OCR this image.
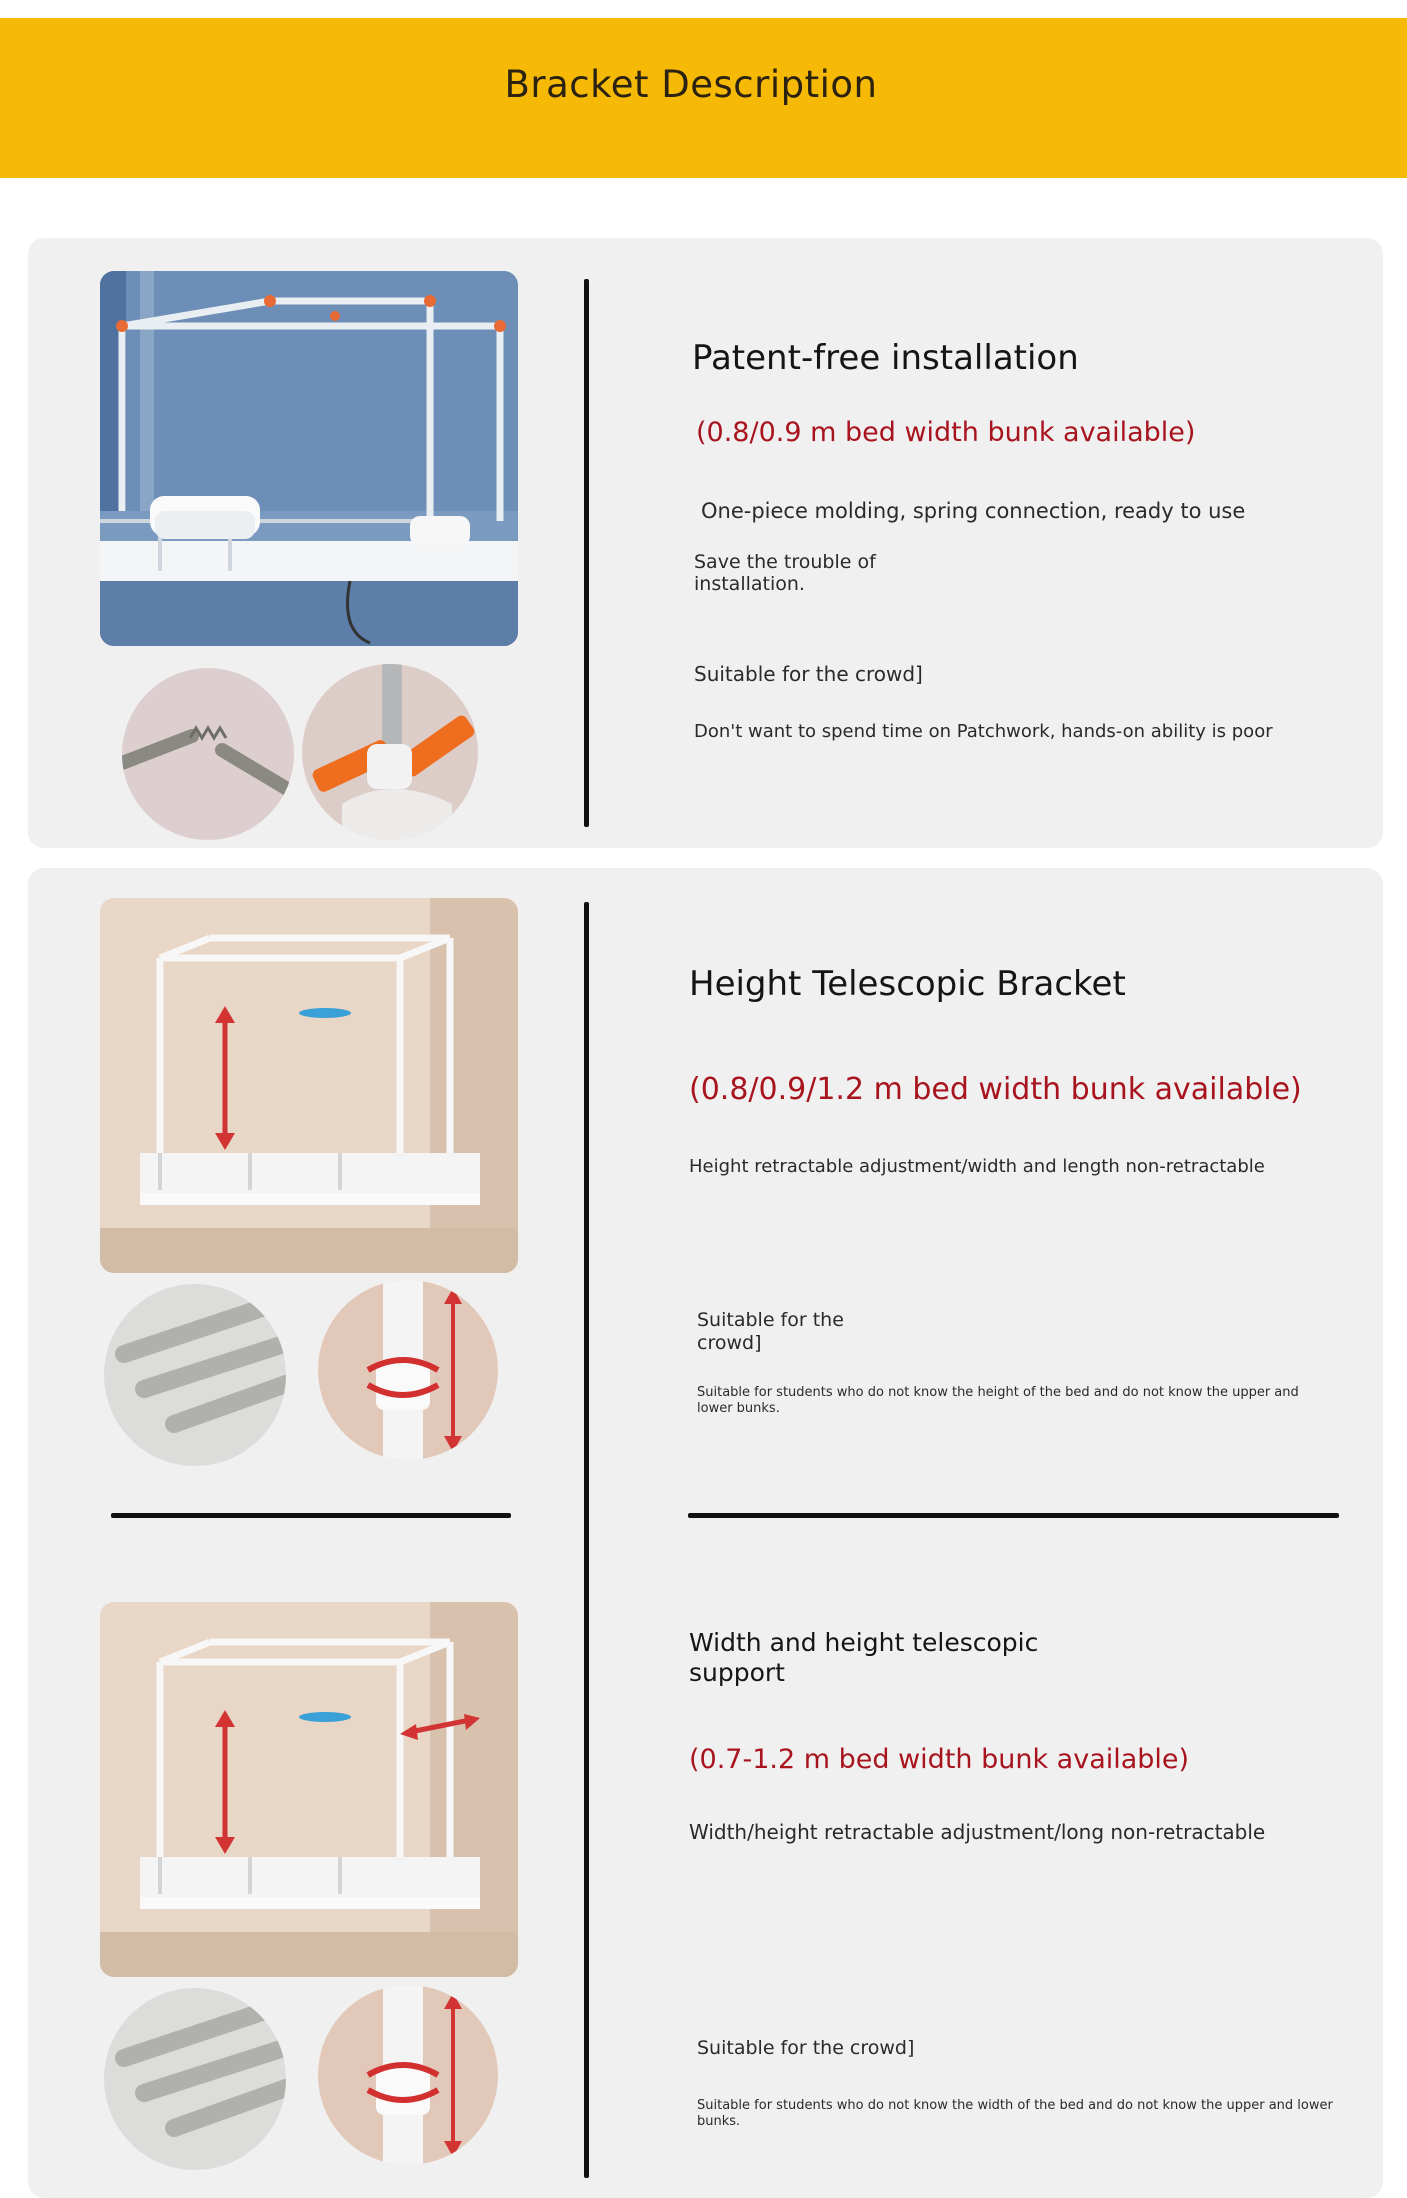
Bracket Description
Patent-free installation
(0.8/0.9 m bed width bunk available)
One-piece molding, spring connection, ready to use
Save the trouble of installation.
Suitable for the crowd]
Don't want to spend time on Patchwork, hands-on ability is poor
Height Telescopic Bracket
(0.8/0.9/1.2 m bed width bunk available)
Height retractable adjustment/width and length non-retractable
Suitable for the crowd]
Suitable for students who do not know the height of the bed and do not know the upper and lower bunks.
Width and height telescopic support
(0.7-1.2 m bed width bunk available)
Width/height retractable adjustment/long non-retractable
Suitable for the crowd]
Suitable for students who do not know the width of the bed and do not know the upper and lower bunks.
